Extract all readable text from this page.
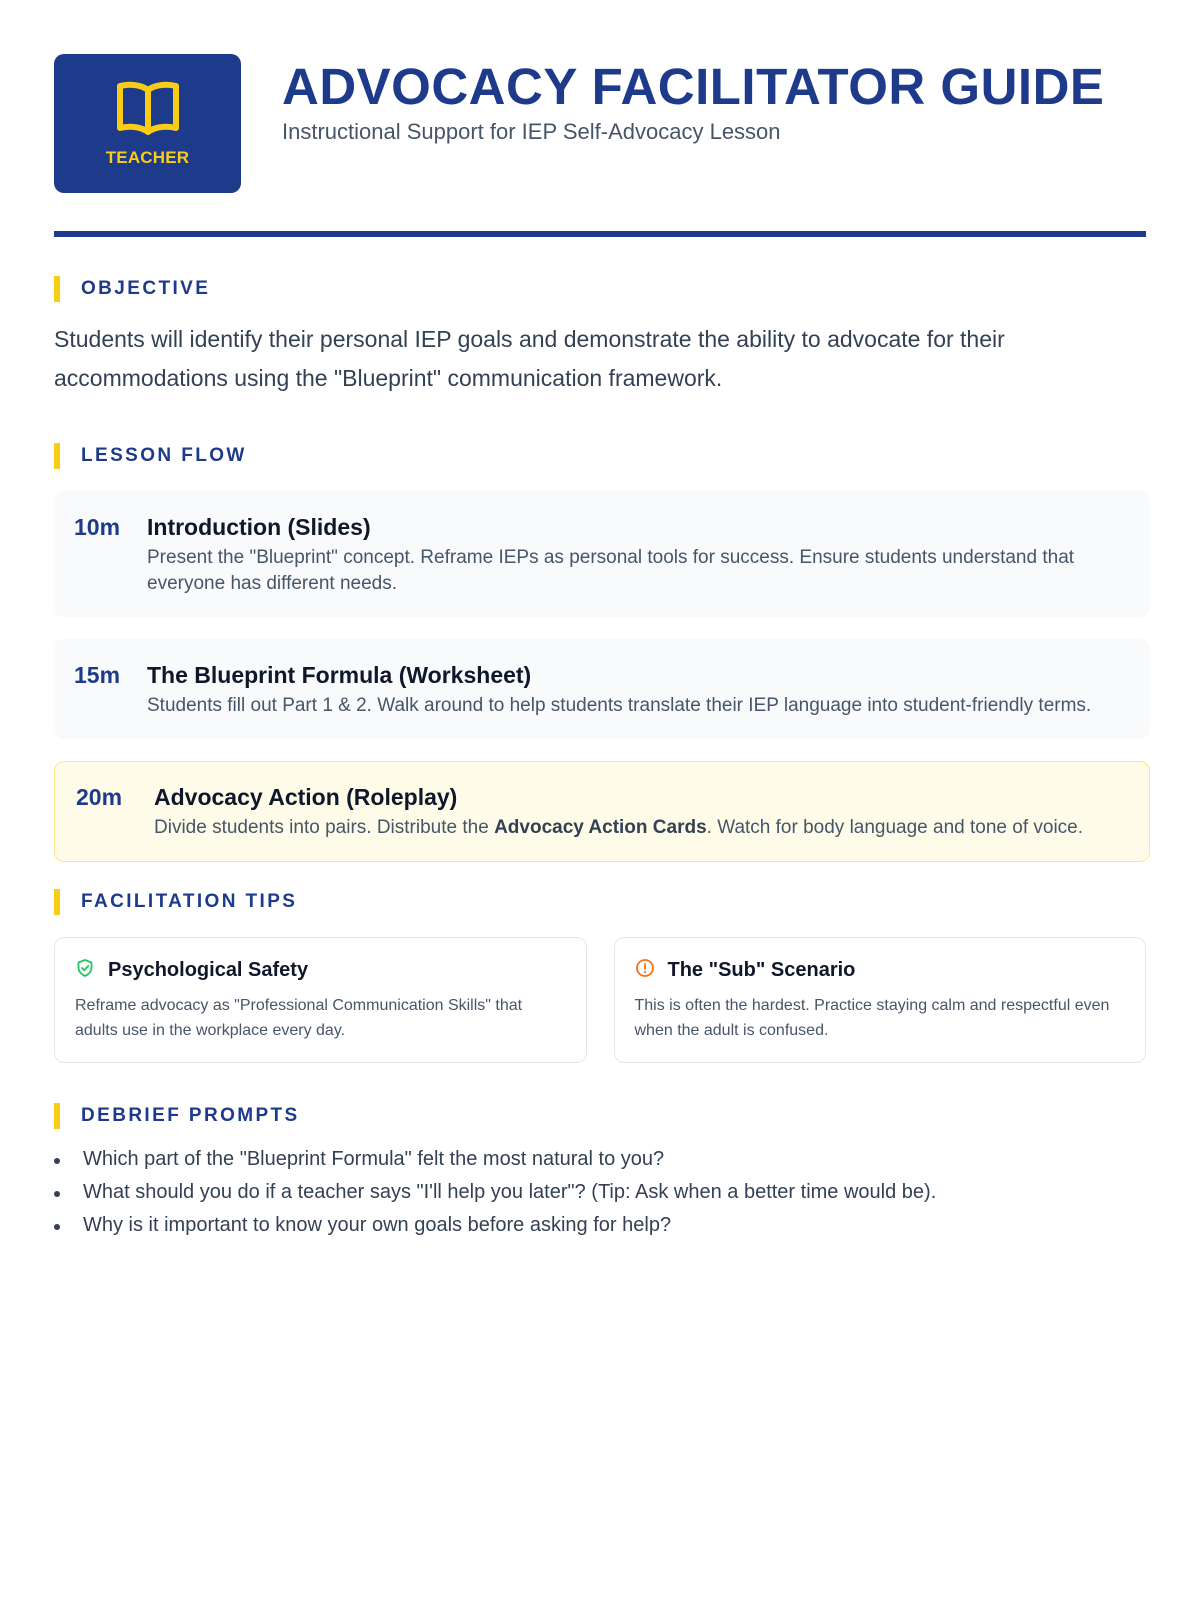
TEACHER
ADVOCACY FACILITATOR GUIDE
Instructional Support for IEP Self-Advocacy Lesson
OBJECTIVE

Students will identify their personal IEP goals and demonstrate the ability to advocate for their accommodations using the "Blueprint" communication framework.

LESSON FLOW
10m	Introduction (Slides)
Present the "Blueprint" concept. Reframe IEPs as personal tools for success. Ensure students understand that everyone has different needs.
15m	The Blueprint Formula (Worksheet)
Students fill out Part 1 & 2. Walk around to help students translate their IEP language into student-friendly terms.
20m	Advocacy Action (Roleplay)
Divide students into pairs. Distribute the Advocacy Action Cards. Watch for body language and tone of voice.
FACILITATION TIPS
Psychological Safety

Reframe advocacy as "Professional Communication Skills" that adults use in the workplace every day.

The "Sub" Scenario

This is often the hardest. Practice staying calm and respectful even when the adult is confused.

DEBRIEF PROMPTS
Which part of the "Blueprint Formula" felt the most natural to you?
What should you do if a teacher says "I'll help you later"? (Tip: Ask when a better time would be).
Why is it important to know your own goals before asking for help?
